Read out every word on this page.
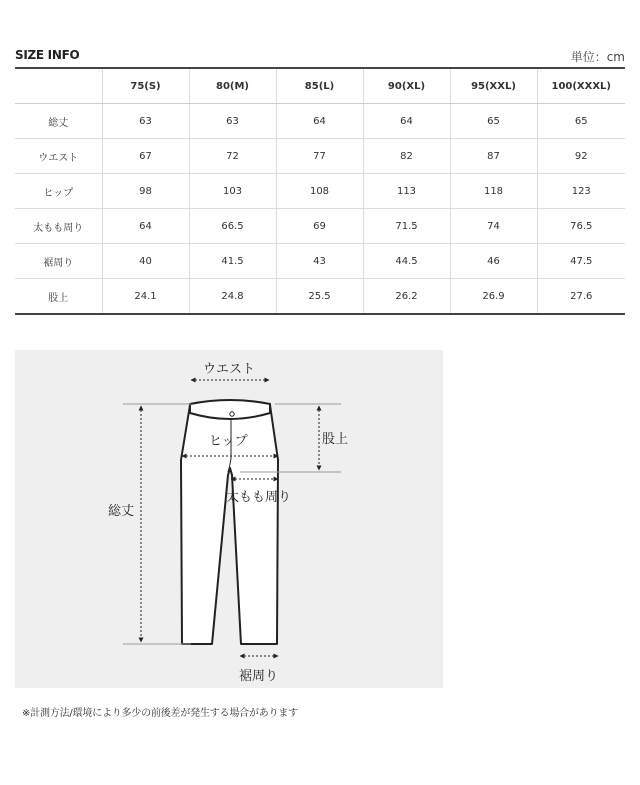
SIZE INFO	単位：cm
	75(S)	80(M)	85(L)	90(XL)	95(XXL)	100(XXXL)
総丈	63	63	64	64	65	65
ウエスト	67	72	77	82	87	92
ヒップ	98	103	108	113	118	123
太もも周り	64	66.5	69	71.5	74	76.5
裾周り	40	41.5	43	44.5	46	47.5
股上	24.1	24.8	25.5	26.2	26.9	27.6
ウエスト
ヒップ	股上
総丈
太もも周り
裾周り
※計測方法/環境により多少の前後差が発生する場合があります
